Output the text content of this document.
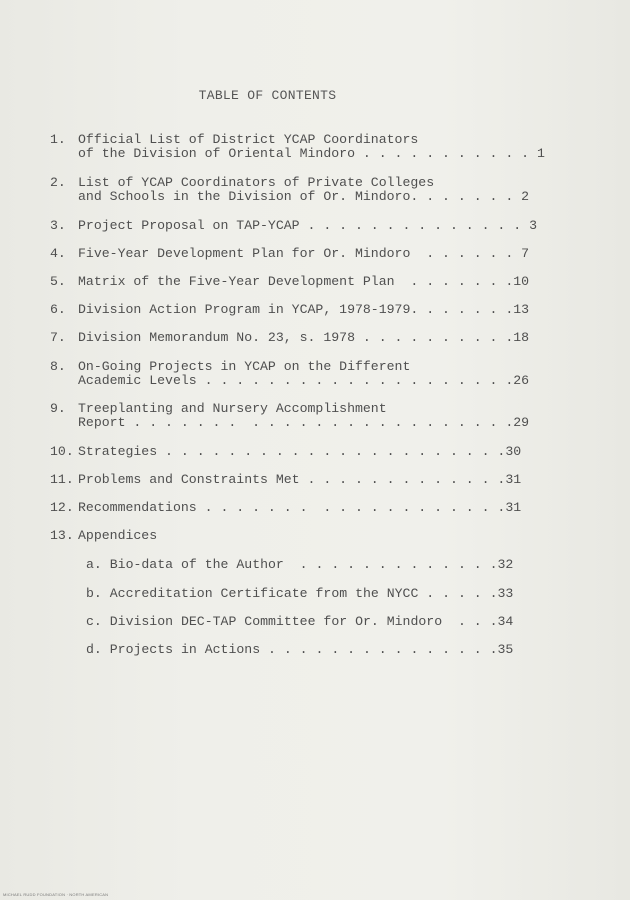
TABLE OF CONTENTS
1. Official List of District YCAP Coordinators
of the Division of Oriental Mindoro . . . . . . . . . . . 1
2. List of YCAP Coordinators of Private Colleges
and Schools in the Division of Or. Mindoro. . . . . . . 2
3. Project Proposal on TAP-YCAP . . . . . . . . . . . . . . 3
4. Five-Year Development Plan for Or. Mindoro  . . . . . . 7
5. Matrix of the Five-Year Development Plan  . . . . . . .10
6. Division Action Program in YCAP, 1978-1979. . . . . . .13
7. Division Memorandum No. 23, s. 1978 . . . . . . . . . .18
8. On-Going Projects in YCAP on the Different
Academic Levels . . . . . . . . . . . . . . . . . . . .26
9. Treeplanting and Nursery Accomplishment
Report . . . . . . .  . . . . . . . . . . . . . . . . .29
10. Strategies . . . . . . . . . . . . . . . . . . . . . .30
11. Problems and Constraints Met . . . . . . . . . . . . .31
12. Recommendations . . . . . . .  . . . . . . . . . . . .31
13. Appendices
a. Bio-data of the Author  . . . . . . . . . . . . .32
b. Accreditation Certificate from the NYCC . . . . .33
c. Division DEC-TAP Committee for Or. Mindoro  . . .34
d. Projects in Actions . . . . . . . . . . . . . . .35
MICHAEL RUDD FOUNDATION · NORTH AMERICAN
